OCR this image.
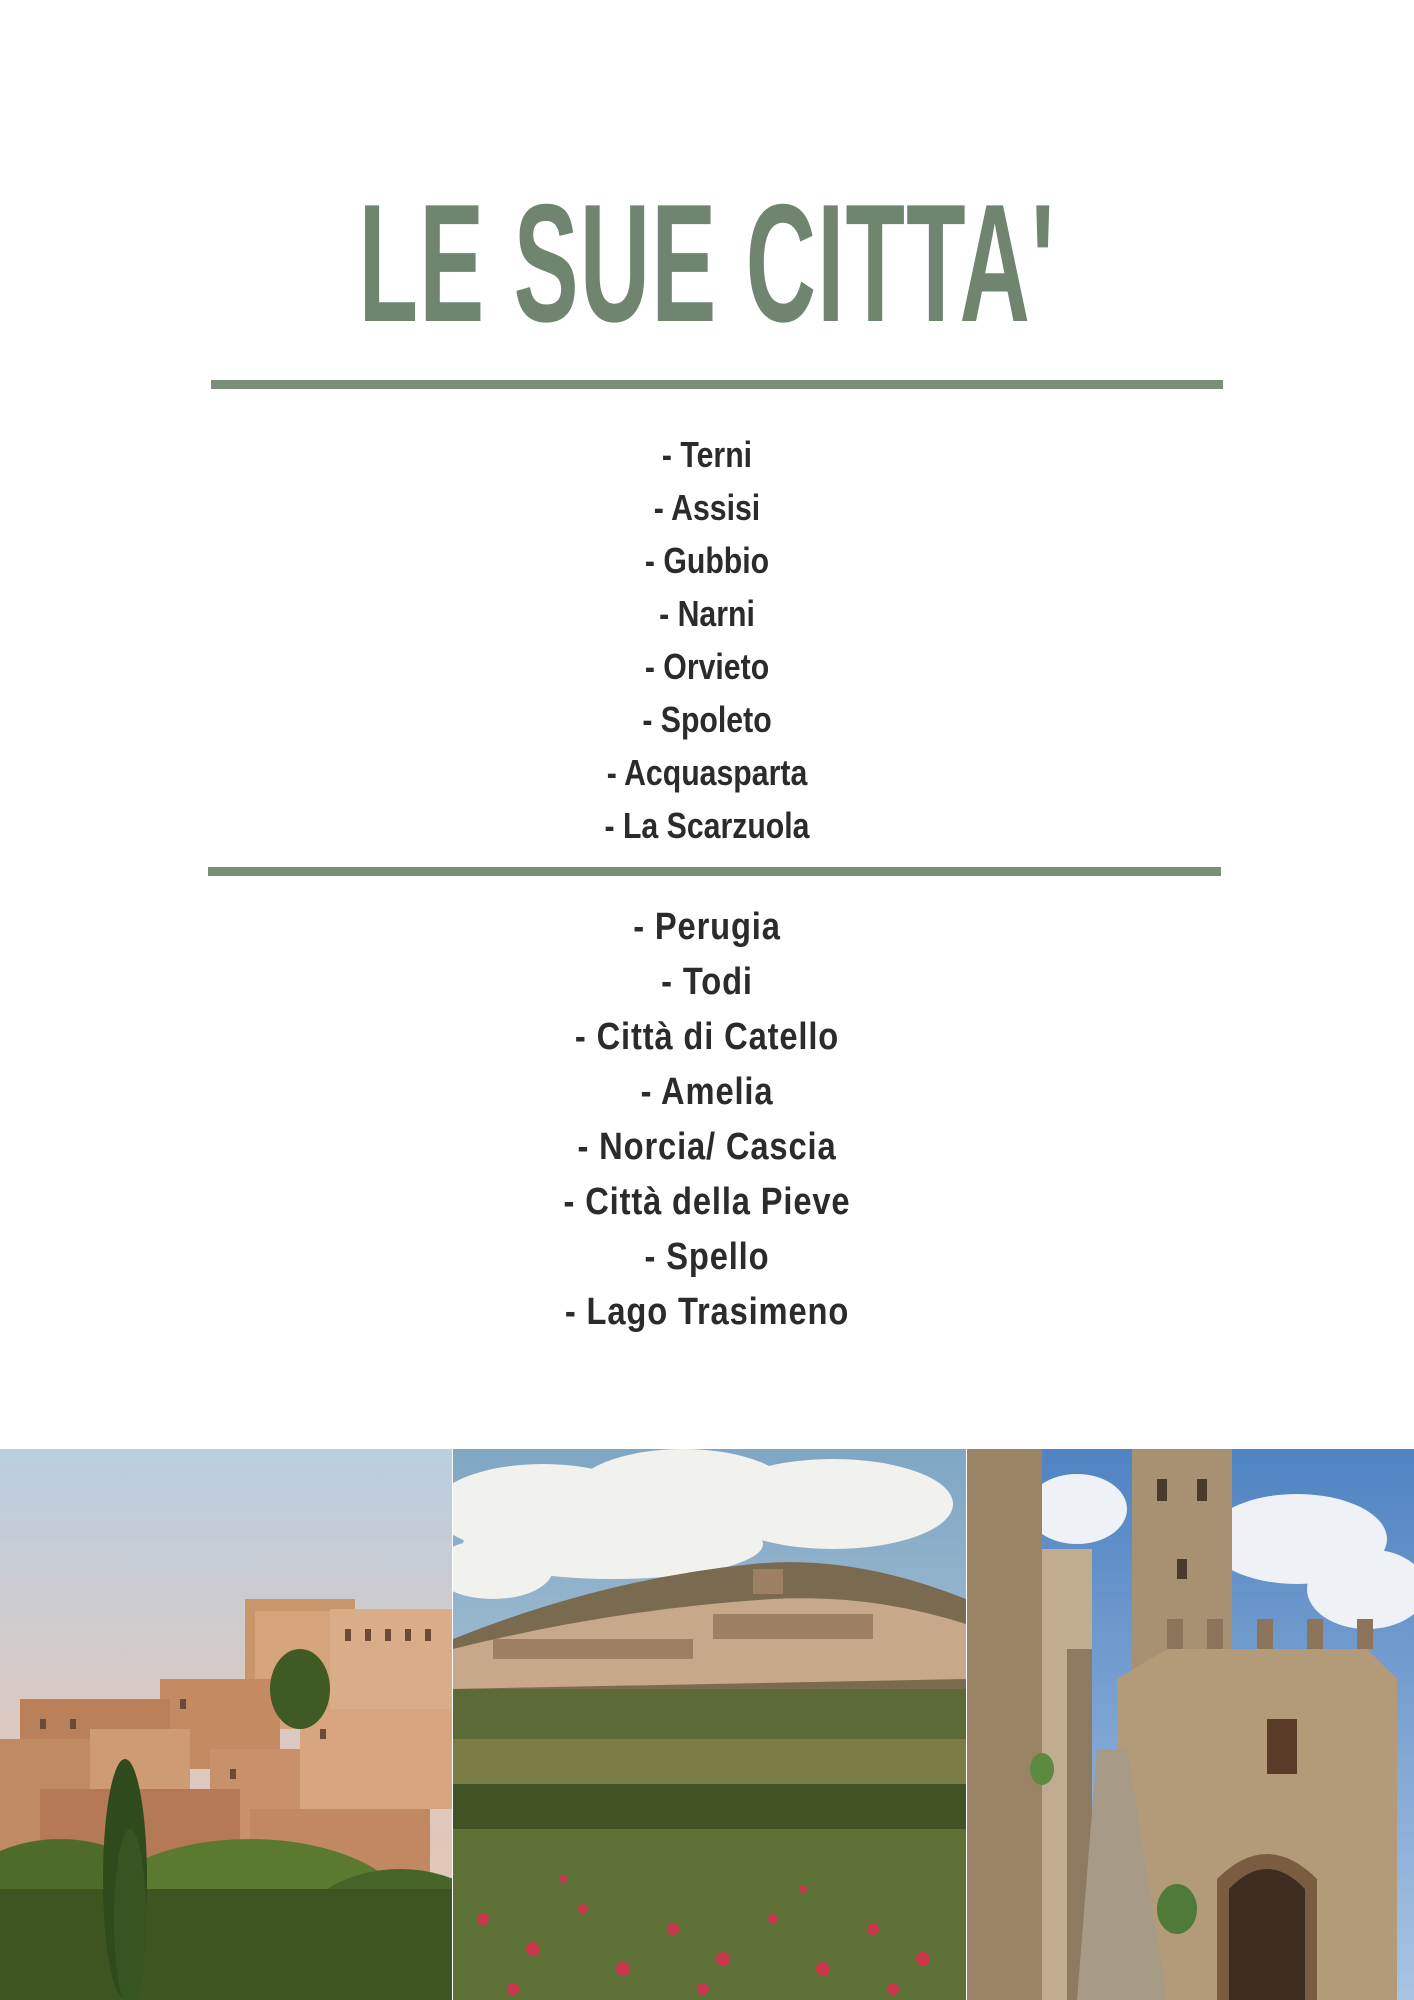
LE SUE CITTA'
- Terni
- Assisi
- Gubbio
- Narni
- Orvieto
- Spoleto
- Acquasparta
- La Scarzuola
- Perugia
- Todi
- Città di Catello
- Amelia
- Norcia/ Cascia
- Città della Pieve
- Spello
- Lago Trasimeno
